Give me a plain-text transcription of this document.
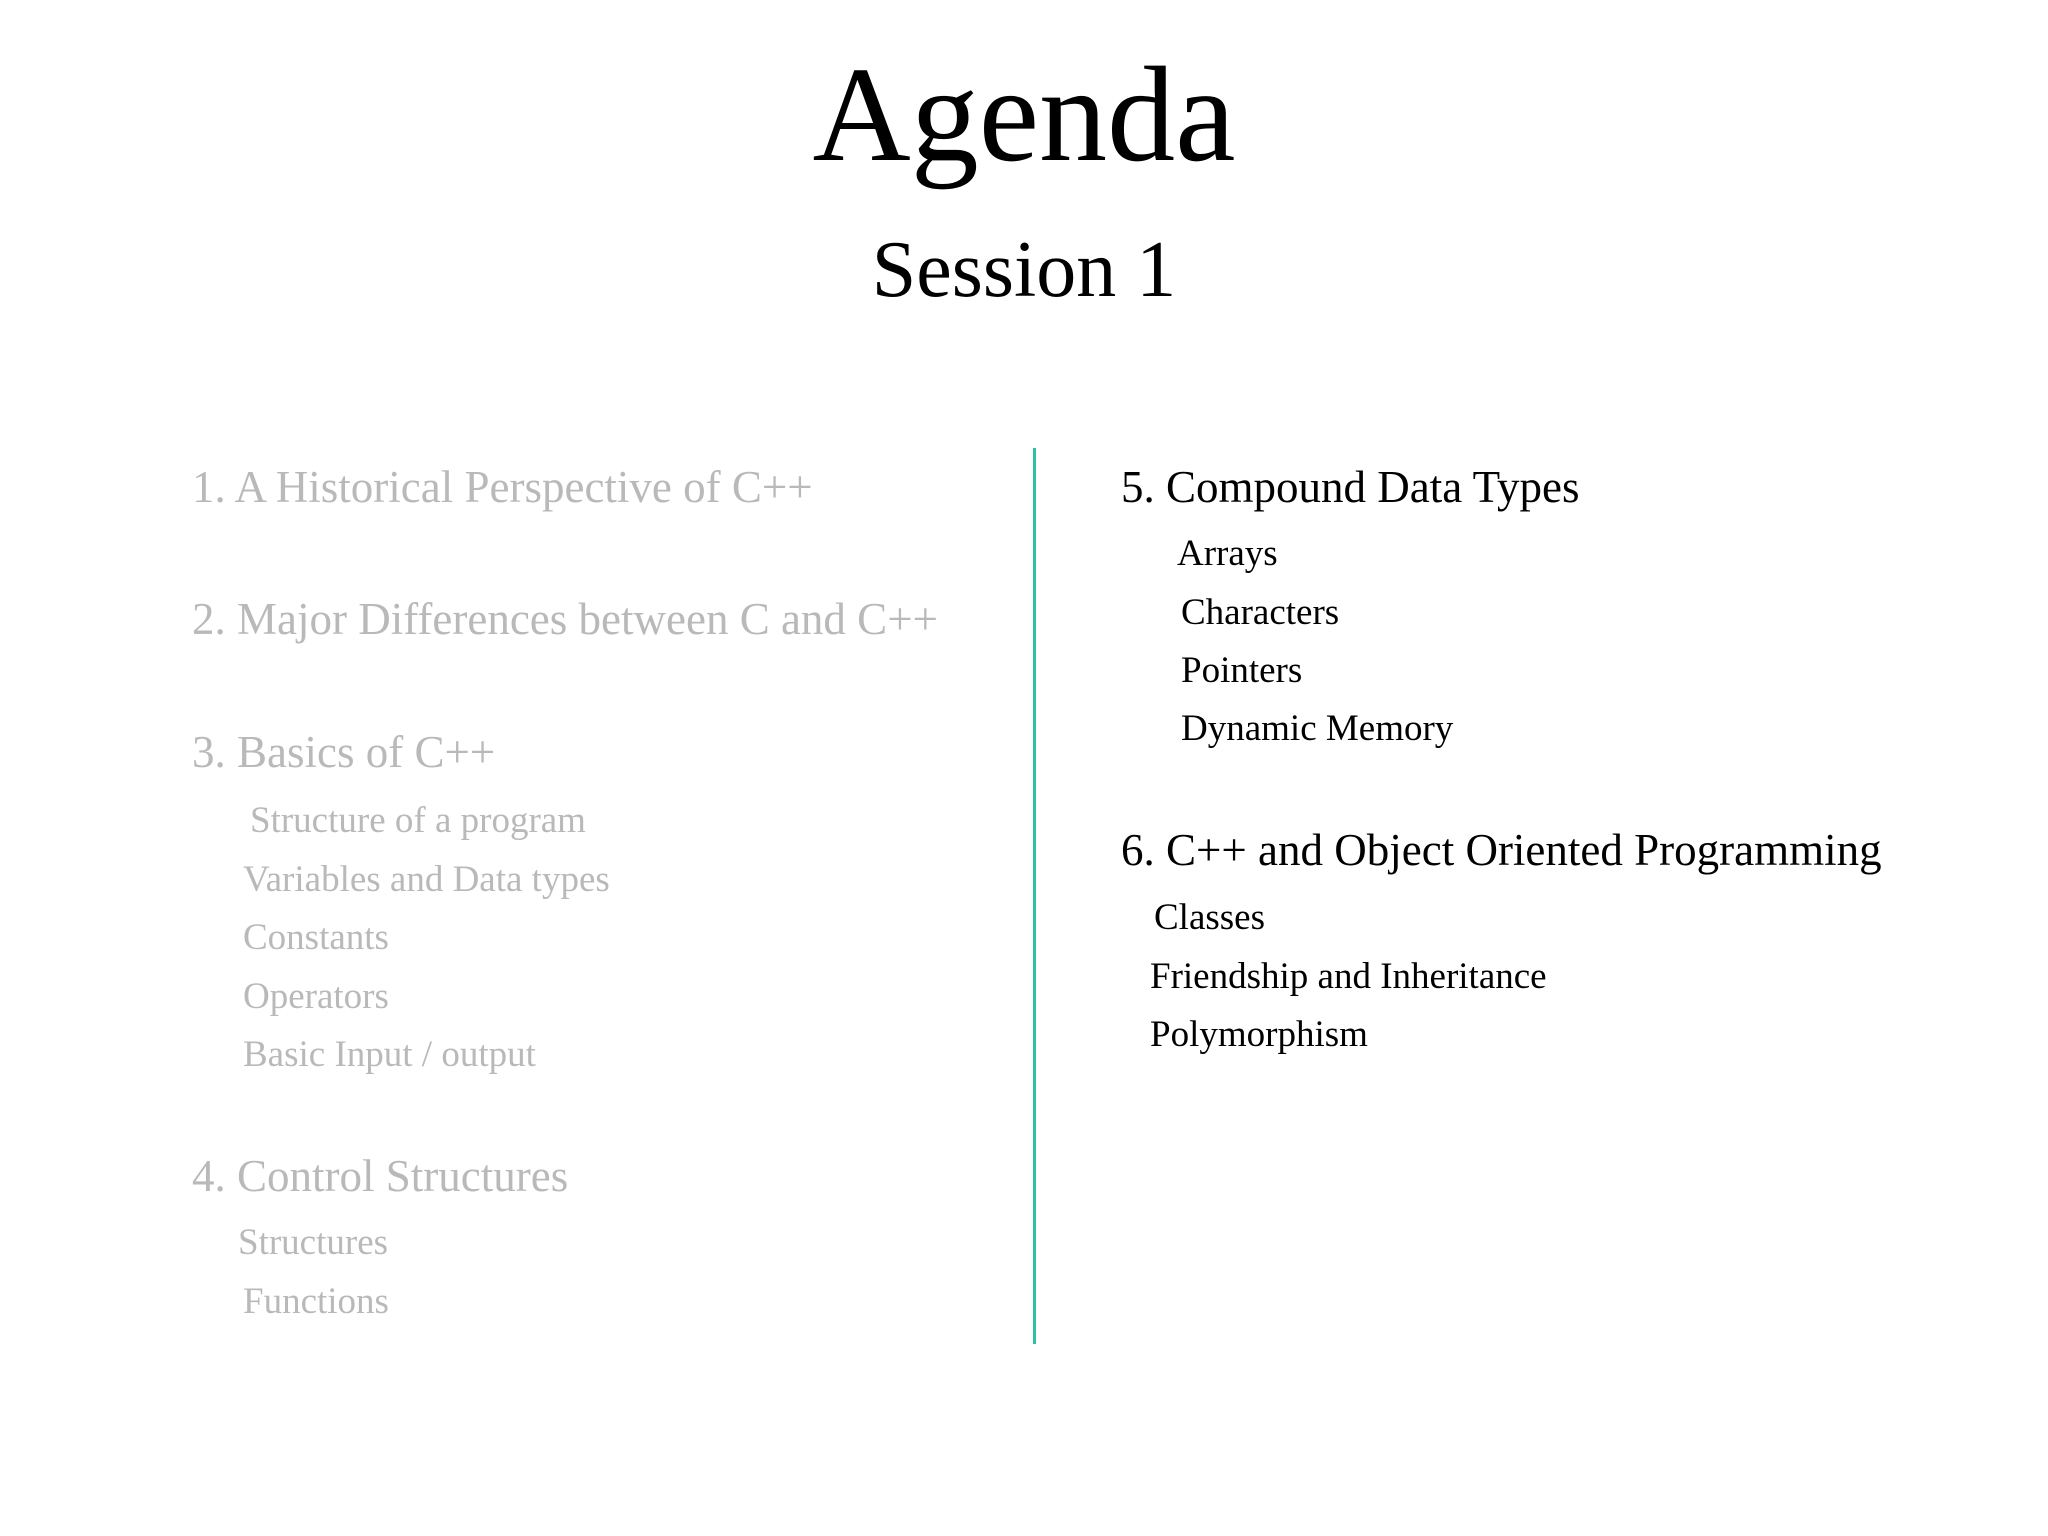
Agenda
Session 1
1. A Historical Perspective of C++
2. Major Differences between C and C++
3. Basics of C++
Structure of a program
Variables and Data types
Constants
Operators
Basic Input / output
4. Control Structures
Structures
Functions
5. Compound Data Types
Arrays
Characters
Pointers
Dynamic Memory
6. C++ and Object Oriented Programming
Classes
Friendship and Inheritance
Polymorphism
